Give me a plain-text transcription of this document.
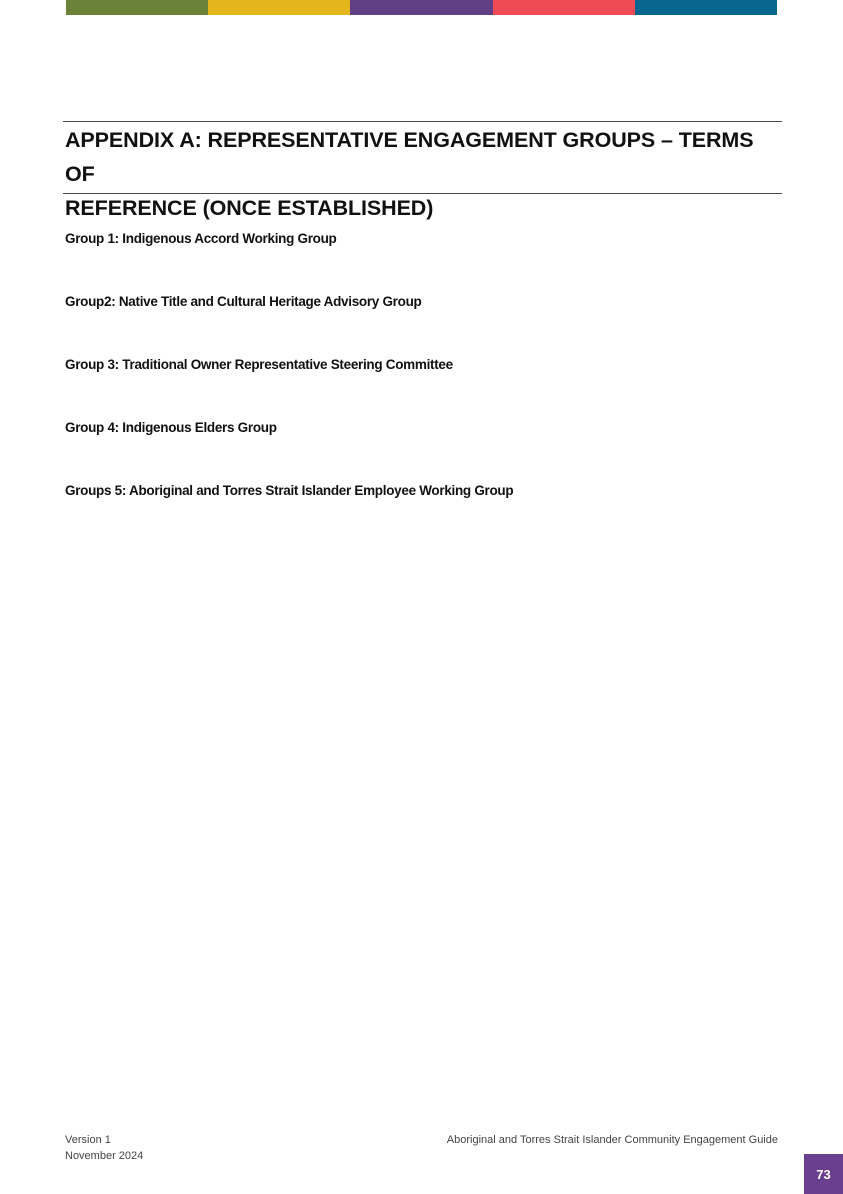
APPENDIX A: REPRESENTATIVE ENGAGEMENT GROUPS – TERMS OF
REFERENCE (ONCE ESTABLISHED)
Group 1: Indigenous Accord Working Group
Group2: Native Title and Cultural Heritage Advisory Group
Group 3: Traditional Owner Representative Steering Committee
Group 4: Indigenous Elders Group
Groups 5: Aboriginal and Torres Strait Islander Employee Working Group
Version 1
November 2024
Aboriginal and Torres Strait Islander Community Engagement Guide
73
